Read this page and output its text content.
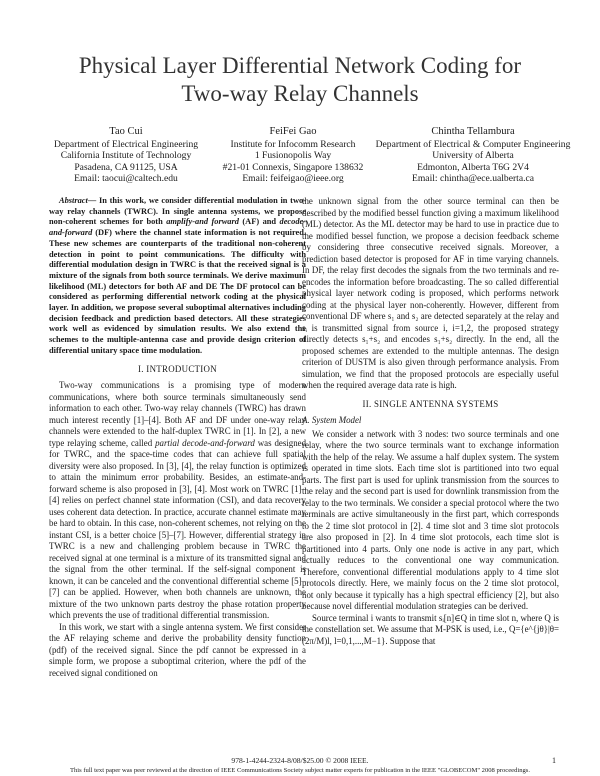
Physical Layer Differential Network Coding for
Two-way Relay Channels
Tao Cui
Department of Electrical Engineering
California Institute of Technology
Pasadena, CA 91125, USA
Email: taocui@caltech.edu
FeiFei Gao
Institute for Infocomm Research
1 Fusionopolis Way
#21-01 Connexis, Singapore 138632
Email: feifeigao@ieee.org
Chintha Tellambura
Department of Electrical & Computer Engineering
University of Alberta
Edmonton, Alberta T6G 2V4
Email: chintha@ece.ualberta.ca

Abstract— In this work, we consider differential modulation in two-way relay channels (TWRC). In single antenna systems, we propose non-coherent schemes for both amplify-and forward (AF) and decode-and-forward (DF) where the channel state information is not required. These new schemes are counterparts of the traditional non-coherent detection in point to point communications. The difficulty with differential modulation design in TWRC is that the received signal is a mixture of the signals from both source terminals. We derive maximum likelihood (ML) detectors for both AF and DE The DF protocol can be considered as performing differential network coding at the physical layer. In addition, we propose several suboptimal alternatives including decision feedback and prediction based detectors. All these strategies work well as evidenced by simulation results. We also extend the schemes to the multiple-antenna case and provide design criterion of differential unitary space time modulation.

I. INTRODUCTION

Two-way communications is a promising type of modern communications, where both source terminals simultaneously send information to each other. Two-way relay channels (TWRC) has drawn much interest recently [1]–[4]. Both AF and DF under one-way relay channels were extended to the half-duplex TWRC in [1]. In [2], a new type relaying scheme, called partial decode-and-forward was designed for TWRC, and the space-time codes that can achieve full spatial diversity were also proposed. In [3], [4], the relay function is optimized to attain the minimum error probability. Besides, an estimate-and-forward scheme is also proposed in [3], [4]. Most work on TWRC [1]–[4] relies on perfect channel state information (CSI), and data recovery uses coherent data detection. In practice, accurate channel estimate may be hard to obtain. In this case, non-coherent schemes, not relying on the instant CSI, is a better choice [5]–[7]. However, differential strategy in TWRC is a new and challenging problem because in TWRC the received signal at one terminal is a mixture of its transmitted signal and the signal from the other terminal. If the self-signal component is known, it can be canceled and the conventional differential scheme [5]–[7] can be applied. However, when both channels are unknown, the mixture of the two unknown parts destroy the phase rotation property which prevents the use of traditional differential transmission.

In this work, we start with a single antenna system. We first consider the AF relaying scheme and derive the probability density function (pdf) of the received signal. Since the pdf cannot be expressed in a simple form, we propose a suboptimal criterion, where the pdf of the received signal conditioned on

the unknown signal from the other source terminal can then be described by the modified bessel function giving a maximum likelihood (ML) detector. As the ML detector may be hard to use in practice due to the modified bessel function, we propose a decision feedback scheme by considering three consecutive received signals. Moreover, a prediction based detector is proposed for AF in time varying channels. In DF, the relay first decodes the signals from the two terminals and re-encodes the information before broadcasting. The so called differential physical layer network coding is proposed, which performs network coding at the physical layer non-coherently. However, different from conventional DF where s₁ and s₂ are detected separately at the relay and sᵢ is transmitted signal from source i, i=1,2, the proposed strategy directly detects s₁+s₂ and encodes s₁+s₂ directly. In the end, all the proposed schemes are extended to the multiple antennas. The design criterion of DUSTM is also given through performance analysis. From simulation, we find that the proposed protocols are especially useful when the required average data rate is high.

II. SINGLE ANTENNA SYSTEMS
A. System Model

We consider a network with 3 nodes: two source terminals and one relay, where the two source terminals want to exchange information with the help of the relay. We assume a half duplex system. The system is operated in time slots. Each time slot is partitioned into two equal parts. The first part is used for uplink transmission from the sources to the relay and the second part is used for downlink transmission from the relay to the two terminals. We consider a special protocol where the two terminals are active simultaneously in the first part, which corresponds to the 2 time slot protocol in [2]. 4 time slot and 3 time slot protocols are also proposed in [2]. In 4 time slot protocols, each time slot is partitioned into 4 parts. Only one node is active in any part, which actually reduces to the conventional one way communication. Therefore, conventional differential modulations apply to 4 time slot protocols directly. Here, we mainly focus on the 2 time slot protocol, not only because it typically has a high spectral efficiency [2], but also because novel differential modulation strategies can be derived.

Source terminal i wants to transmit sᵢ[n]∈Q in time slot n, where Q is the constellation set. We assume that M-PSK is used, i.e., Q={e^{jθ}|θ=(2π/M)l, l=0,1,...,M−1}. Suppose that

978-1-4244-2324-8/08/$25.00 © 2008 IEEE.	1
This full text paper was peer reviewed at the direction of IEEE Communications Society subject matter experts for publication in the IEEE "GLOBECOM" 2008 proceedings.
